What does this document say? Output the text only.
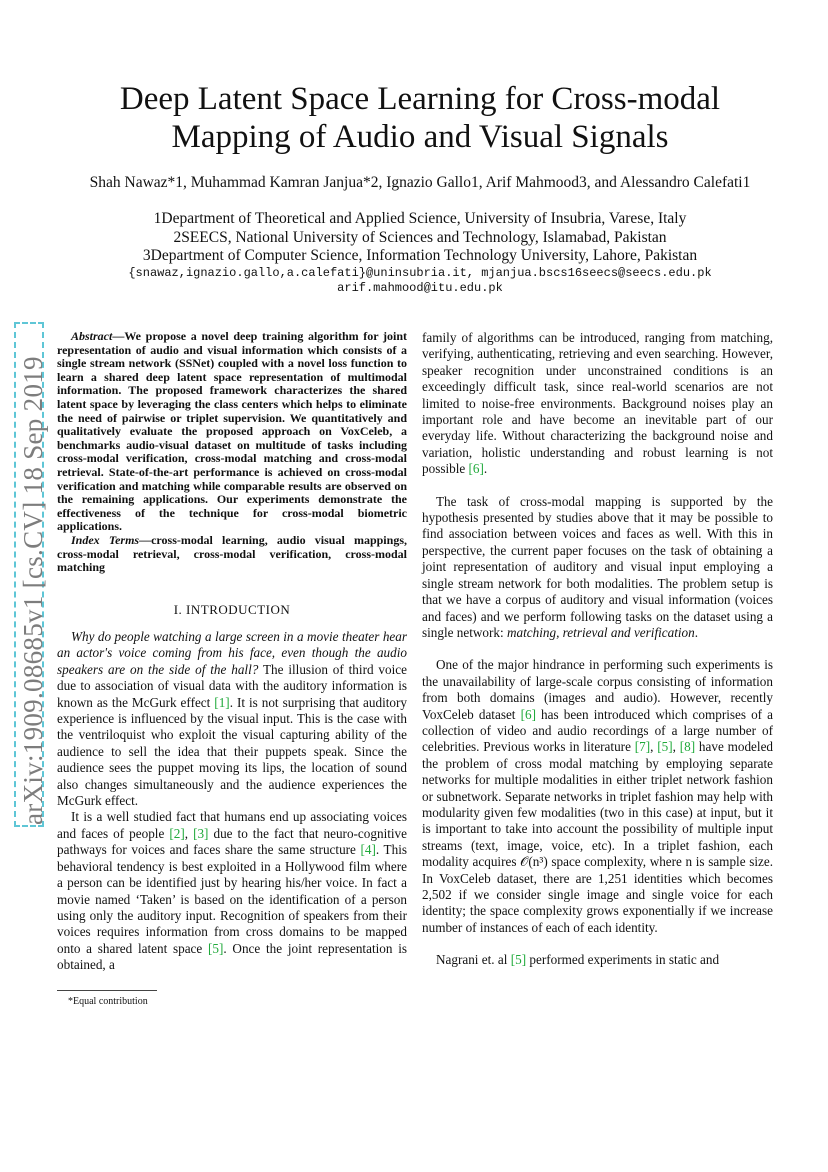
arXiv:1909.08685v1 [cs.CV] 18 Sep 2019
Deep Latent Space Learning for Cross-modal Mapping of Audio and Visual Signals
Shah Nawaz*1, Muhammad Kamran Janjua*2, Ignazio Gallo1, Arif Mahmood3, and Alessandro Calefati1
1Department of Theoretical and Applied Science, University of Insubria, Varese, Italy
2SEECS, National University of Sciences and Technology, Islamabad, Pakistan
3Department of Computer Science, Information Technology University, Lahore, Pakistan
{snawaz,ignazio.gallo,a.calefati}@uninsubria.it, mjanjua.bscs16seecs@seecs.edu.pk
arif.mahmood@itu.edu.pk

Abstract—We propose a novel deep training algorithm for joint representation of audio and visual information which consists of a single stream network (SSNet) coupled with a novel loss function to learn a shared deep latent space representation of multimodal information. The proposed framework characterizes the shared latent space by leveraging the class centers which helps to eliminate the need of pairwise or triplet supervision. We quantitatively and qualitatively evaluate the proposed approach on VoxCeleb, a benchmarks audio-visual dataset on multitude of tasks including cross-modal verification, cross-modal matching and cross-modal retrieval. State-of-the-art performance is achieved on cross-modal verification and matching while comparable results are observed on the remaining applications. Our experiments demonstrate the effectiveness of the technique for cross-modal biometric applications.

Index Terms—cross-modal learning, audio visual mappings, cross-modal retrieval, cross-modal verification, cross-modal matching

I. INTRODUCTION

Why do people watching a large screen in a movie theater hear an actor's voice coming from his face, even though the audio speakers are on the side of the hall? The illusion of third voice due to association of visual data with the auditory information is known as the McGurk effect [1]. It is not surprising that auditory experience is influenced by the visual input. This is the case with the ventriloquist who exploit the visual capturing ability of the audience to sell the idea that their puppets speak. Since the audience sees the puppet moving its lips, the location of sound also changes simultaneously and the audience experiences the McGurk effect.

It is a well studied fact that humans end up associating voices and faces of people [2], [3] due to the fact that neuro-cognitive pathways for voices and faces share the same structure [4]. This behavioral tendency is best exploited in a Hollywood film where a person can be identified just by hearing his/her voice. In fact a movie named ‘Taken’ is based on the identification of a person using only the auditory input. Recognition of speakers from their voices requires information from cross domains to be mapped onto a shared latent space [5]. Once the joint representation is obtained, a

family of algorithms can be introduced, ranging from matching, verifying, authenticating, retrieving and even searching. However, speaker recognition under unconstrained conditions is an exceedingly difficult task, since real-world scenarios are not limited to noise-free environments. Background noises play an important role and have become an inevitable part of our everyday life. Without characterizing the background noise and variation, holistic understanding and robust learning is not possible [6].

The task of cross-modal mapping is supported by the hypothesis presented by studies above that it may be possible to find association between voices and faces as well. With this in perspective, the current paper focuses on the task of obtaining a joint representation of auditory and visual input employing a single stream network for both modalities. The problem setup is that we have a corpus of auditory and visual information (voices and faces) and we perform following tasks on the dataset using a single network: matching, retrieval and verification.

One of the major hindrance in performing such experiments is the unavailability of large-scale corpus consisting of information from both domains (images and audio). However, recently VoxCeleb dataset [6] has been introduced which comprises of a collection of video and audio recordings of a large number of celebrities. Previous works in literature [7], [5], [8] have modeled the problem of cross modal matching by employing separate networks for multiple modalities in either triplet network fashion or subnetwork. Separate networks in triplet fashion may help with modularity given few modalities (two in this case) at input, but it is important to take into account the possibility of multiple input streams (text, image, voice, etc). In a triplet fashion, each modality acquires 𝒪(n³) space complexity, where n is sample size. In VoxCeleb dataset, there are 1,251 identities which becomes 2,502 if we consider single image and single voice for each identity; the space complexity grows exponentially if we increase number of instances of each of each identity.

Nagrani et. al [5] performed experiments in static and

*Equal contribution
